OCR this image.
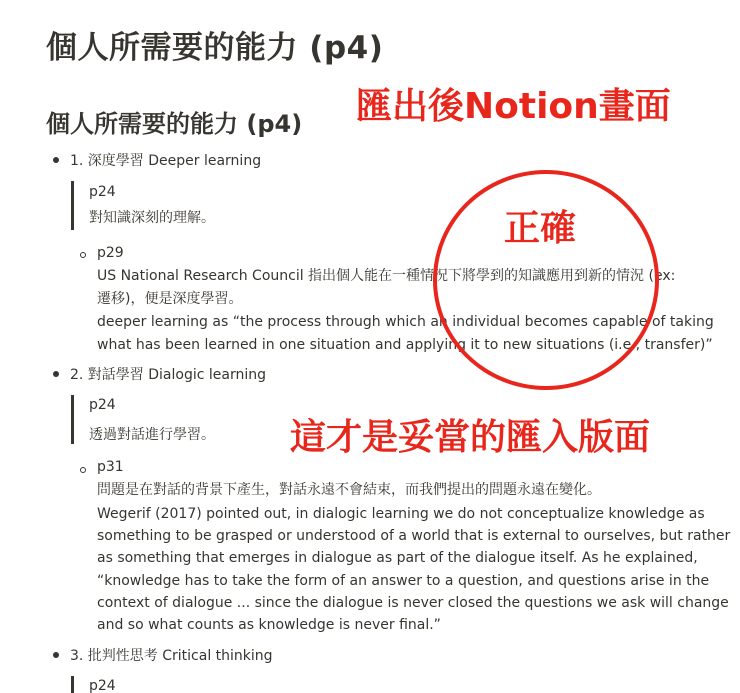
個人所需要的能力 (p4)
個人所需要的能力 (p4)
1. 深度學習 Deeper learning
p24
對知識深刻的理解。
p29
US National Research Council 指出個人能在一種情況下將學到的知識應用到新的情況 (ex:
遷移)，便是深度學習。
deeper learning as “the process through which an individual becomes capable of taking
what has been learned in one situation and applying it to new situations (i.e., transfer)”
2. 對話學習 Dialogic learning
p24
透過對話進行學習。
p31
問題是在對話的背景下產生，對話永遠不會結束，而我們提出的問題永遠在變化。
Wegerif (2017) pointed out, in dialogic learning we do not conceptualize knowledge as
something to be grasped or understood of a world that is external to ourselves, but rather
as something that emerges in dialogue as part of the dialogue itself. As he explained,
“knowledge has to take the form of an answer to a question, and questions arise in the
context of dialogue ... since the dialogue is never closed the questions we ask will change
and so what counts as knowledge is never final.”
3. 批判性思考 Critical thinking
p24
匯出後Notion畫面
正確
這才是妥當的匯入版面
